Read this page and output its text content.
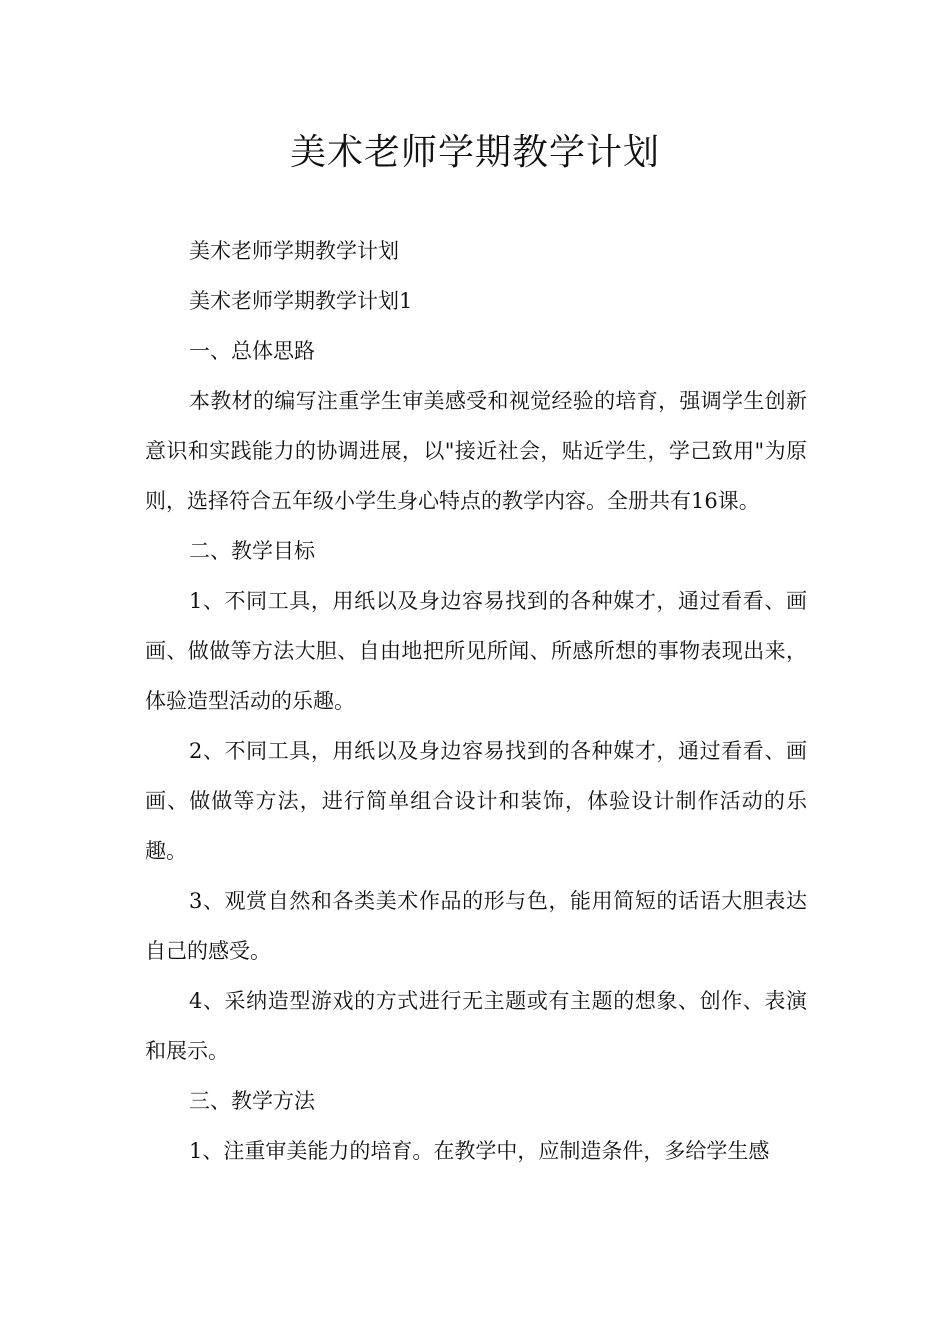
美术老师学期教学计划

美术老师学期教学计划

美术老师学期教学计划1

一、总体思路

本教材的编写注重学生审美感受和视觉经验的培育，强调学生创新意识和实践能力的协调进展，以"接近社会，贴近学生，学己致用"为原则，选择符合五年级小学生身心特点的教学内容。全册共有16课。

二、教学目标

1、不同工具，用纸以及身边容易找到的各种媒才，通过看看、画画、做做等方法大胆、自由地把所见所闻、所感所想的事物表现出来，体验造型活动的乐趣。

2、不同工具，用纸以及身边容易找到的各种媒才，通过看看、画画、做做等方法，进行简单组合设计和装饰，体验设计制作活动的乐趣。

3、观赏自然和各类美术作品的形与色，能用简短的话语大胆表达自己的感受。

4、采纳造型游戏的方式进行无主题或有主题的想象、创作、表演和展示。

三、教学方法

1、注重审美能力的培育。在教学中，应制造条件，多给学生感
